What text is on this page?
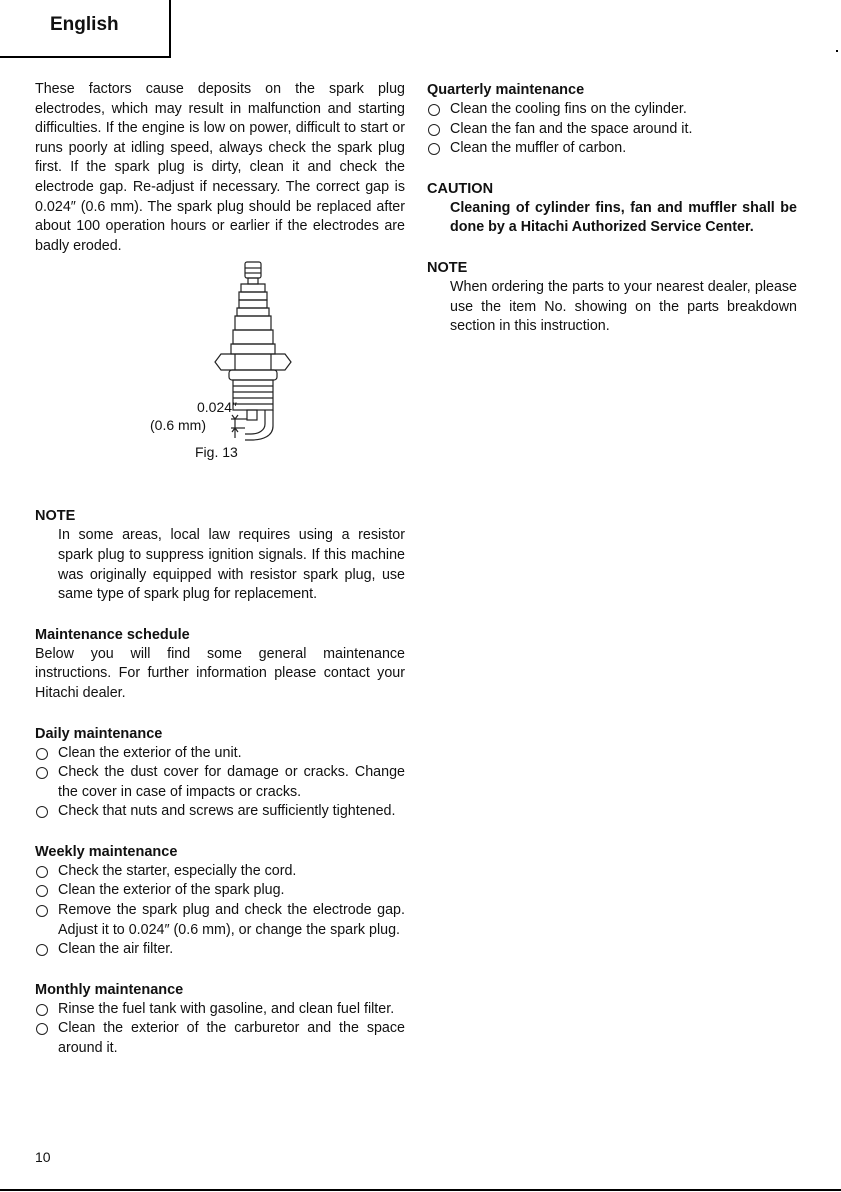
English

These factors cause deposits on the spark plug electrodes, which may result in malfunction and starting difficulties. If the engine is low on power, difficult to start or runs poorly at idling speed, always check the spark plug first. If the spark plug is dirty, clean it and check the electrode gap. Re-adjust if necessary. The correct gap is 0.024″ (0.6 mm). The spark plug should be replaced after about 100 operation hours or earlier if the electrodes are badly eroded.

0.024″
(0.6 mm)
Fig. 13
NOTE

In some areas, local law requires using a resistor spark plug to suppress ignition signals. If this machine was originally equipped with resistor spark plug, use same type of spark plug for replacement.

Maintenance schedule

Below you will find some general maintenance instructions. For further information please contact your Hitachi dealer.

Daily maintenance
Clean the exterior of the unit.
Check the dust cover for damage or cracks. Change the cover in case of impacts or cracks.
Check that nuts and screws are sufficiently tightened.
Weekly maintenance
Check the starter, especially the cord.
Clean the exterior of the spark plug.
Remove the spark plug and check the electrode gap. Adjust it to 0.024″ (0.6 mm), or change the spark plug.
Clean the air filter.
Monthly maintenance
Rinse the fuel tank with gasoline, and clean fuel filter.
Clean the exterior of the carburetor and the space around it.
Quarterly maintenance
Clean the cooling fins on the cylinder.
Clean the fan and the space around it.
Clean the muffler of carbon.
CAUTION

Cleaning of cylinder fins, fan and muffler shall be done by a Hitachi Authorized Service Center.

NOTE

When ordering the parts to your nearest dealer, please use the item No. showing on the parts breakdown section in this instruction.

10
